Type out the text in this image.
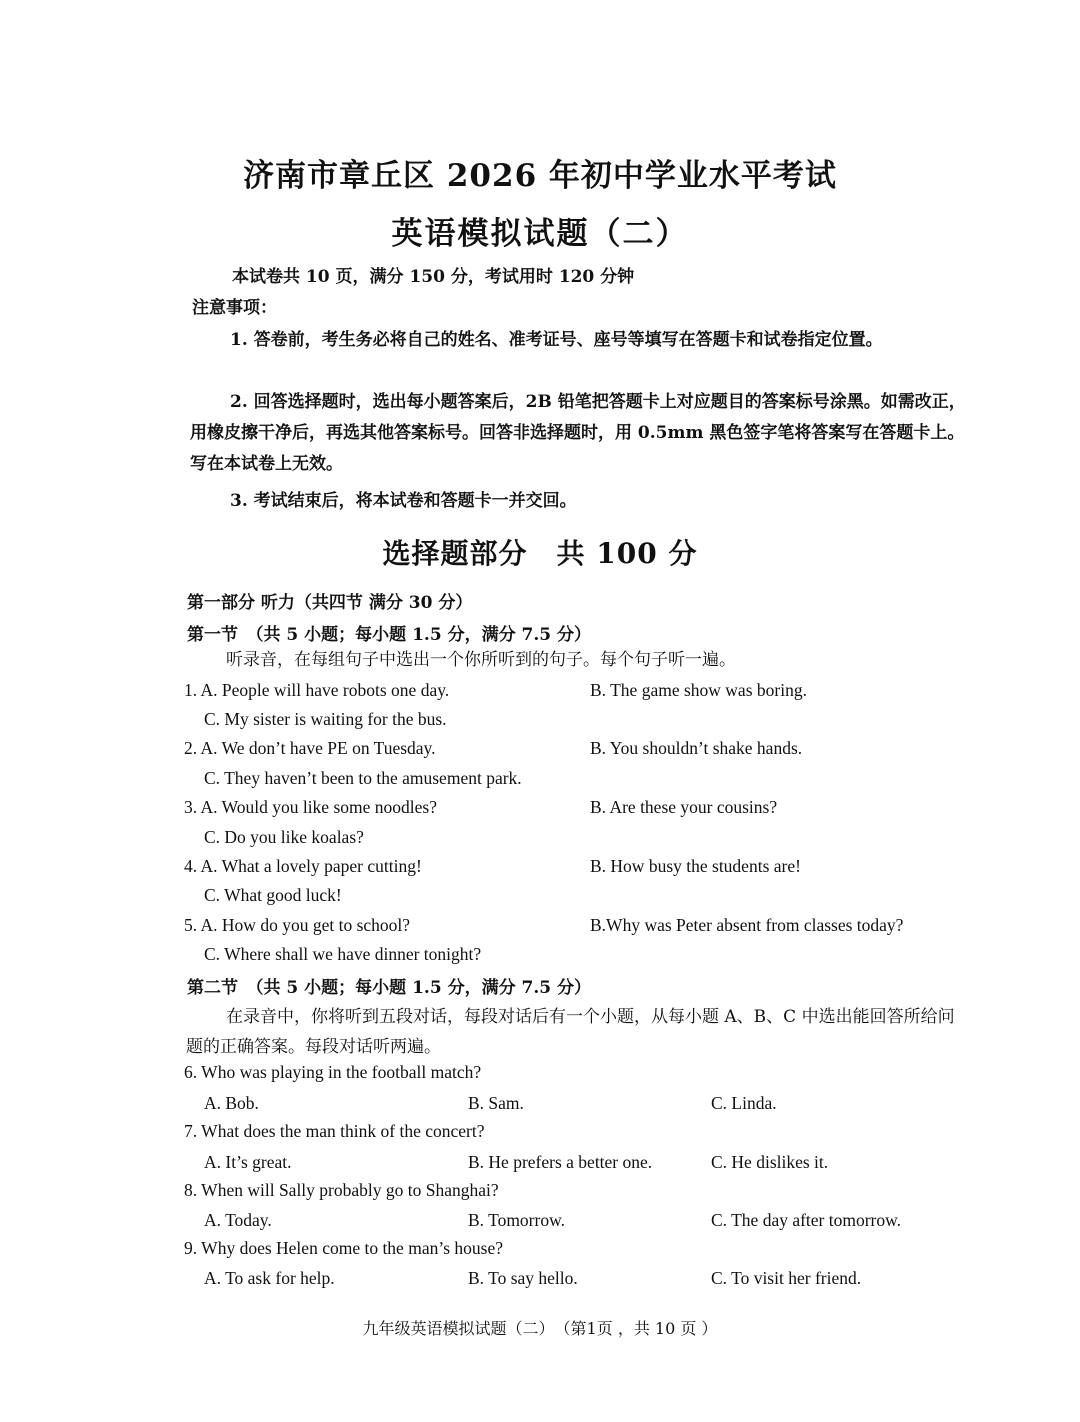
济南市章丘区 2026 年初中学业水平考试
英语模拟试题（二）
本试卷共 10 页，满分 150 分，考试用时 120 分钟
注意事项：
1. 答卷前，考生务必将自己的姓名、准考证号、座号等填写在答题卡和试卷指定位置。
2. 回答选择题时，选出每小题答案后，2B 铅笔把答题卡上对应题目的答案标号涂黑。如需改正，用橡皮擦干净后，再选其他答案标号。回答非选择题时，用 0.5mm 黑色签字笔将答案写在答题卡上。写在本试卷上无效。
3. 考试结束后，将本试卷和答题卡一并交回。
选择题部分　共 100 分
第一部分 听力（共四节 满分 30 分）
第一节　（共 5 小题；每小题 1.5 分，满分 7.5 分）
听录音，在每组句子中选出一个你所听到的句子。每个句子听一遍。
1. A. People will have robots one day.	B. The game show was boring.
C. My sister is waiting for the bus.
2. A. We don’t have PE on Tuesday.	B. You shouldn’t shake hands.
C. They haven’t been to the amusement park.
3. A. Would you like some noodles?	B. Are these your cousins?
C. Do you like koalas?
4. A. What a lovely paper cutting!	B. How busy the students are!
C. What good luck!
5. A. How do you get to school?	B.Why was Peter absent from classes today?
C. Where shall we have dinner tonight?
第二节　（共 5 小题；每小题 1.5 分，满分 7.5 分）
在录音中，你将听到五段对话，每段对话后有一个小题，从每小题 A、B、C 中选出能回答所给问题的正确答案。每段对话听两遍。
6. Who was playing in the football match?
A. Bob.	B. Sam.	C. Linda.
7. What does the man think of the concert?
A. It’s great.	B. He prefers a better one.	C. He dislikes it.
8. When will Sally probably go to Shanghai?
A. Today.	B. Tomorrow.	C. The day after tomorrow.
9. Why does Helen come to the man’s house?
A. To ask for help.	B. To say hello.	C. To visit her friend.
九年级英语模拟试题（二）　（第1页 ，共 10 页 ）
